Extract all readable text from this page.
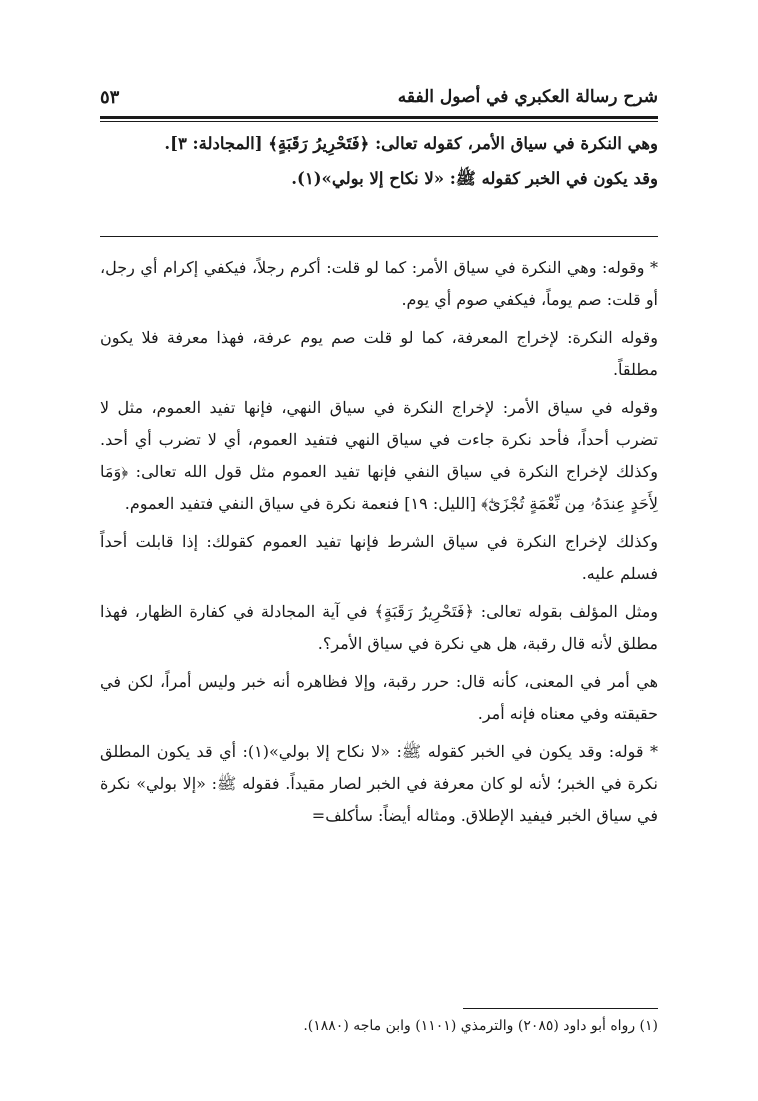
شرح رسالة العكبري في أصول الفقه
٥٣

وهي النكرة في سياق الأمر، كقوله تعالى: ﴿فَتَحْرِيرُ رَقَبَةٍ﴾ [المجادلة: ٣].

وقد يكون في الخبر كقوله ﷺ: «لا نكاح إلا بولي»(١).

* وقوله: وهي النكرة في سياق الأمر: كما لو قلت: أكرم رجلاً، فيكفي إكرام أي رجل، أو قلت: صم يوماً، فيكفي صوم أي يوم.

وقوله النكرة: لإخراج المعرفة، كما لو قلت صم يوم عرفة، فهذا معرفة فلا يكون مطلقاً.

وقوله في سياق الأمر: لإخراج النكرة في سياق النهي، فإنها تفيد العموم، مثل لا تضرب أحداً، فأحد نكرة جاءت في سياق النهي فتفيد العموم، أي لا تضرب أي أحد. وكذلك لإخراج النكرة في سياق النفي فإنها تفيد العموم مثل قول الله تعالى: ﴿وَمَا لِأَحَدٍ عِندَهُۥ مِن نِّعْمَةٍ تُجْزَىٰٓ﴾ [الليل: ١٩] فنعمة نكرة في سياق النفي فتفيد العموم.

وكذلك لإخراج النكرة في سياق الشرط فإنها تفيد العموم كقولك: إذا قابلت أحداً فسلم عليه.

ومثل المؤلف بقوله تعالى: ﴿فَتَحْرِيرُ رَقَبَةٍ﴾ في آية المجادلة في كفارة الظهار، فهذا مطلق لأنه قال رقبة، هل هي نكرة في سياق الأمر؟.

هي أمر في المعنى، كأنه قال: حرر رقبة، وإلا فظاهره أنه خبر وليس أمراً، لكن في حقيقته وفي معناه فإنه أمر.

* قوله: وقد يكون في الخبر كقوله ﷺ: «لا نكاح إلا بولي»(١): أي قد يكون المطلق نكرة في الخبر؛ لأنه لو كان معرفة في الخبر لصار مقيداً. فقوله ﷺ: «إلا بولي» نكرة في سياق الخبر فيفيد الإطلاق. ومثاله أيضاً: سأكلف=

(١) رواه أبو داود (٢٠٨٥) والترمذي (١١٠١) وابن ماجه (١٨٨٠).
